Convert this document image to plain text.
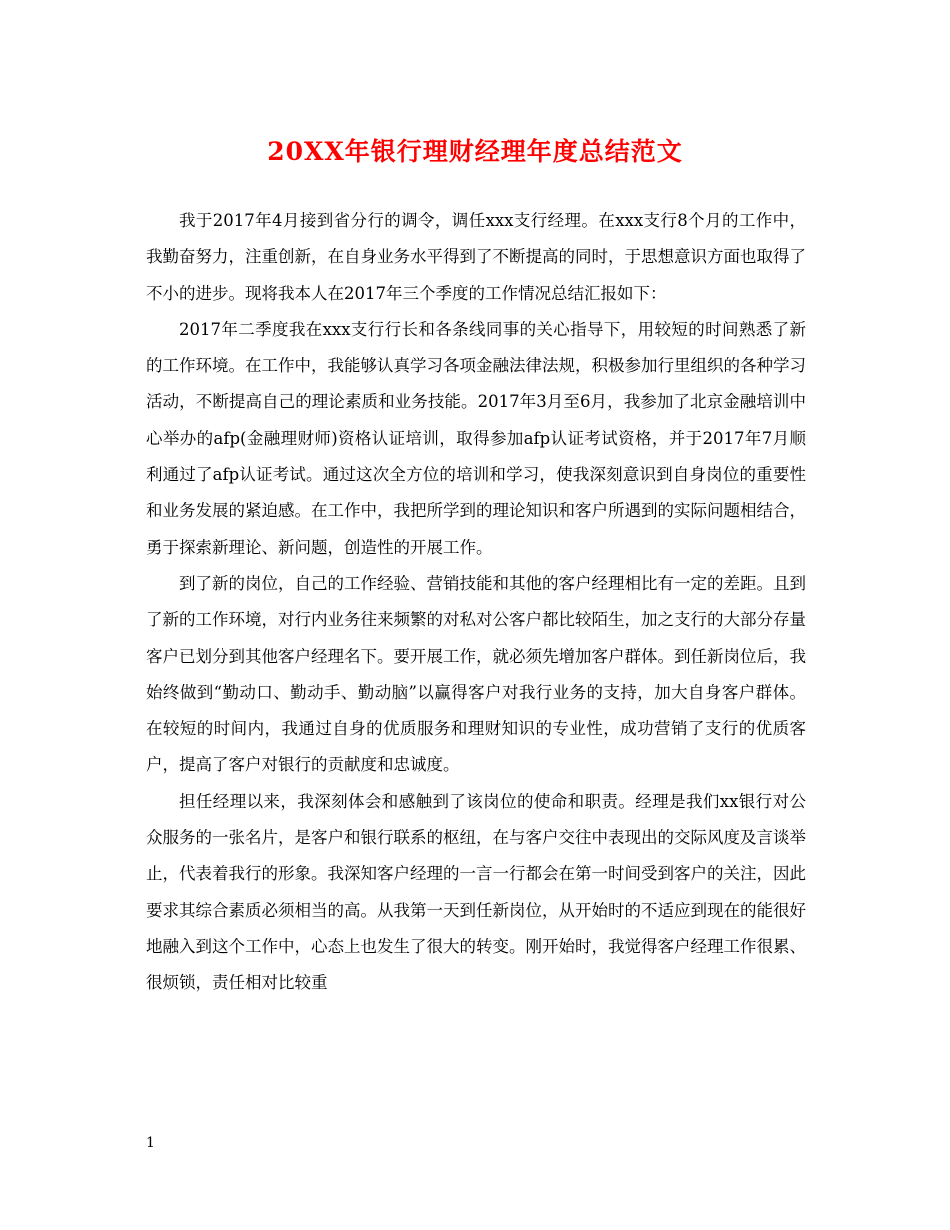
20XX年银行理财经理年度总结范文

我于2017年4月接到省分行的调令，调任xxx支行经理。在xxx支行8个月的工作中，我勤奋努力，注重创新，在自身业务水平得到了不断提高的同时，于思想意识方面也取得了不小的进步。现将我本人在2017年三个季度的工作情况总结汇报如下：

2017年二季度我在xxx支行行长和各条线同事的关心指导下，用较短的时间熟悉了新的工作环境。在工作中，我能够认真学习各项金融法律法规，积极参加行里组织的各种学习活动，不断提高自己的理论素质和业务技能。2017年3月至6月，我参加了北京金融培训中心举办的afp(金融理财师)资格认证培训，取得参加afp认证考试资格，并于2017年7月顺利通过了afp认证考试。通过这次全方位的培训和学习，使我深刻意识到自身岗位的重要性和业务发展的紧迫感。在工作中，我把所学到的理论知识和客户所遇到的实际问题相结合，勇于探索新理论、新问题，创造性的开展工作。

到了新的岗位，自己的工作经验、营销技能和其他的客户经理相比有一定的差距。且到了新的工作环境，对行内业务往来频繁的对私对公客户都比较陌生，加之支行的大部分存量客户已划分到其他客户经理名下。要开展工作，就必须先增加客户群体。到任新岗位后，我始终做到“勤动口、勤动手、勤动脑”以赢得客户对我行业务的支持，加大自身客户群体。在较短的时间内，我通过自身的优质服务和理财知识的专业性，成功营销了支行的优质客户，提高了客户对银行的贡献度和忠诚度。

担任经理以来，我深刻体会和感触到了该岗位的使命和职责。经理是我们xx银行对公众服务的一张名片，是客户和银行联系的枢纽，在与客户交往中表现出的交际风度及言谈举止，代表着我行的形象。我深知客户经理的一言一行都会在第一时间受到客户的关注，因此要求其综合素质必须相当的高。从我第一天到任新岗位，从开始时的不适应到现在的能很好地融入到这个工作中，心态上也发生了很大的转变。刚开始时，我觉得客户经理工作很累、很烦锁，责任相对比较重

1
